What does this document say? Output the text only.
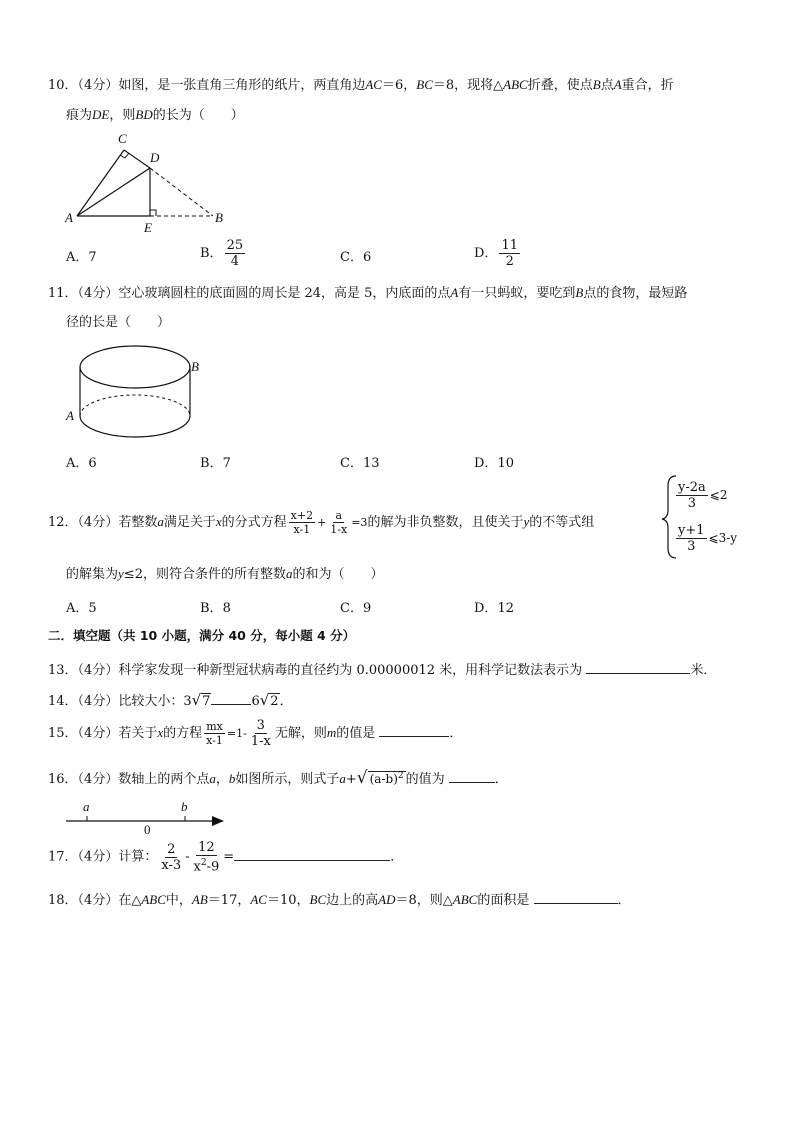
10．（4分）如图，是一张直角三角形的纸片，两直角边AC＝6，BC＝8，现将△ABC折叠，使点B点A重合，折
痕为DE，则BD的长为（　　）
C
D
A
E
B
A．7	B． $\frac{25}{4}$	C．6	D． $\frac{11}{2}$
11．（4分）空心玻璃圆柱的底面圆的周长是 24，高是 5，内底面的点A有一只蚂蚁，要吃到B点的食物，最短路
径的长是（　　）
B
A
A．6	B．7	C．13	D．10
12．（4分）若整数a满足关于x的分式方程 $\frac{x+2}{x-1} + \frac{a}{1-x} =3$的解为非负整数，且使关于y的不等式组
$\frac{y-2a}{3}$ ⩽2
$\frac{y+1}{3}$ ⩽3-y
的解集为y≤2，则符合条件的所有整数a的和为（　　）
A．5	B．8	C．9	D．12
二．填空题（共 10 小题，满分 40 分，每小题 4 分）
13．（4分）科学家发现一种新型冠状病毒的直径约为 0.00000012 米，用科学记数法表示为	米．
14．（4分）比较大小：3√7	6√2．
15．（4分）若关于x的方程 $\frac{mx}{x-1} =1- \frac{3}{1-x}$ 无解，则m的值是	．
16．（4分）数轴上的两个点a，b如图所示，则式子a+√ $(a-b)^2$ 的值为	．
a	b
0
17．（4分）计算： $\frac{2}{x-3} - \frac{12}{x^2-9}$ =	．
18．（4分）在△ABC中，AB＝17，AC＝10，BC边上的高AD＝8，则△ABC的面积是	．
